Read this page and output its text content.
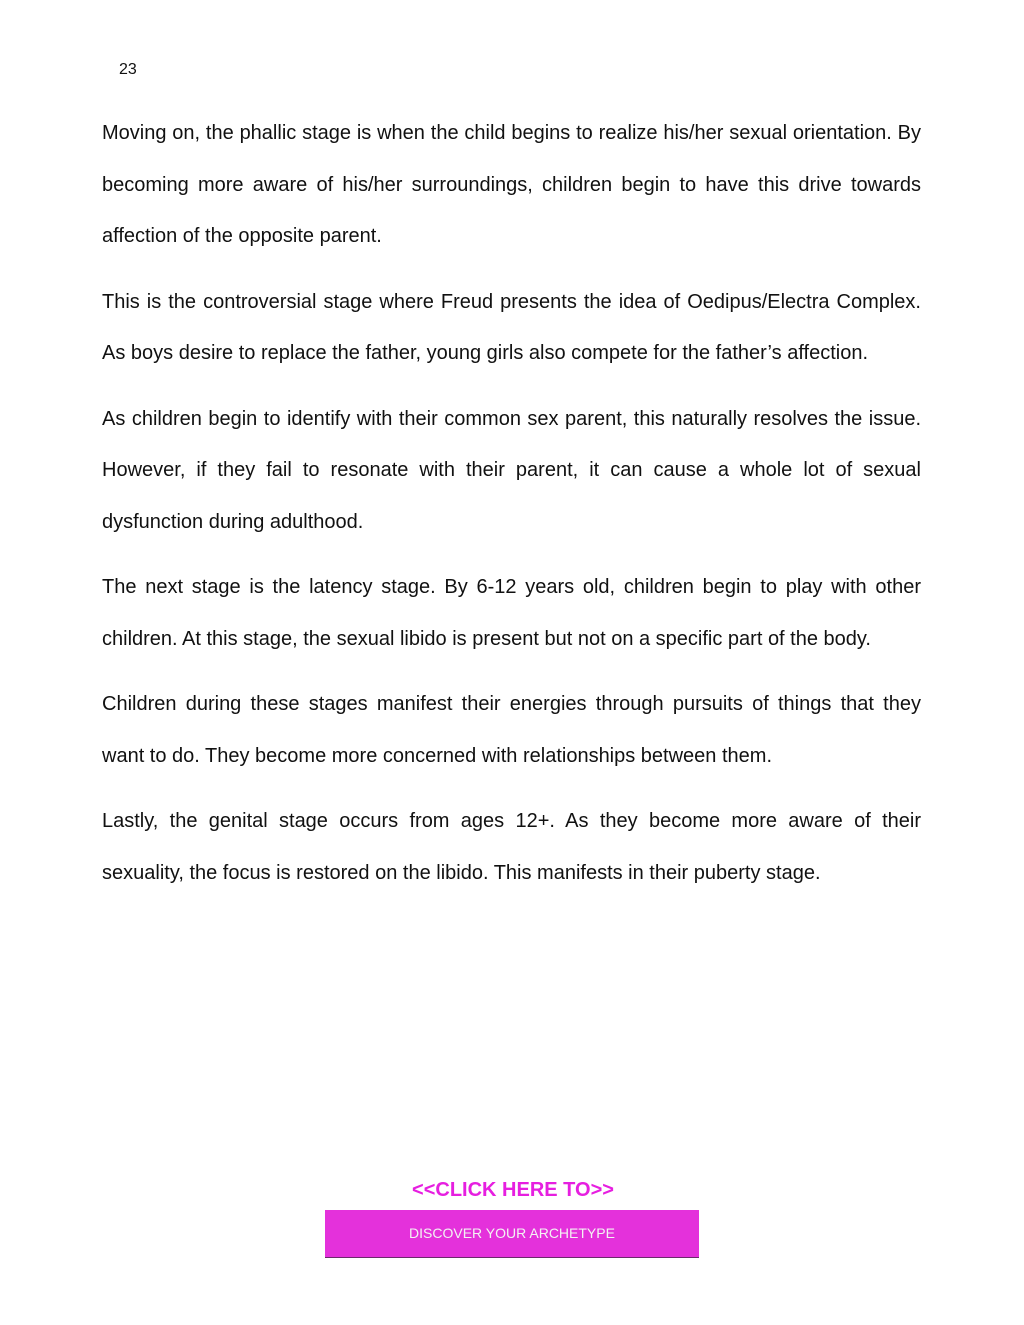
23

Moving on, the phallic stage is when the child begins to realize his/her sexual orientation. By becoming more aware of his/her surroundings, children begin to have this drive towards affection of the opposite parent.

This is the controversial stage where Freud presents the idea of Oedipus/Electra Complex. As boys desire to replace the father, young girls also compete for the father’s affection.

As children begin to identify with their common sex parent, this naturally resolves the issue. However, if they fail to resonate with their parent, it can cause a whole lot of sexual dysfunction during adulthood.

The next stage is the latency stage. By 6-12 years old, children begin to play with other children. At this stage, the sexual libido is present but not on a specific part of the body.

Children during these stages manifest their energies through pursuits of things that they want to do. They become more concerned with relationships between them.

Lastly, the genital stage occurs from ages 12+. As they become more aware of their sexuality, the focus is restored on the libido. This manifests in their puberty stage.

<<CLICK HERE TO>>
DISCOVER YOUR ARCHETYPE
